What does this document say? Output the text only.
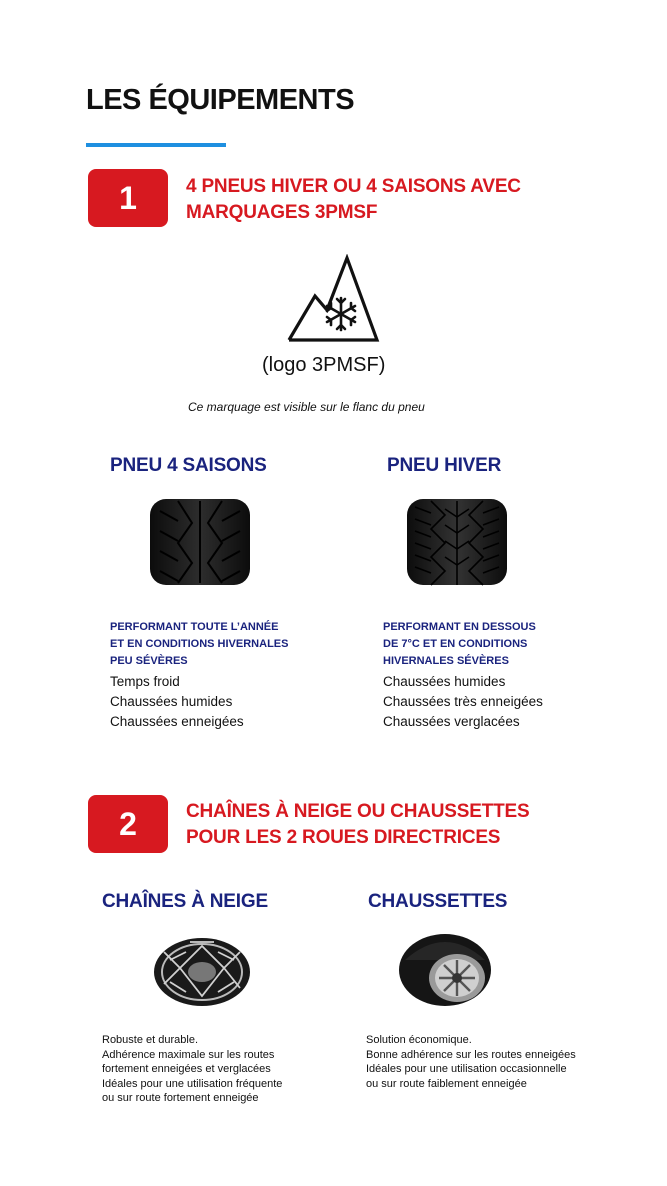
LES ÉQUIPEMENTS
1	4 PNEUS HIVER OU 4 SAISONS AVEC
MARQUAGES 3PMSF
(logo 3PMSF)
Ce marquage est visible sur le flanc du pneu
PNEU 4 SAISONS
PERFORMANT TOUTE L’ANNÉE
ET EN CONDITIONS HIVERNALES
PEU SÉVÈRES
Temps froid
Chaussées humides
Chaussées enneigées
PNEU HIVER
PERFORMANT EN DESSOUS
DE 7°C ET EN CONDITIONS
HIVERNALES SÉVÈRES
Chaussées humides
Chaussées très enneigées
Chaussées verglacées
2	CHAÎNES À NEIGE OU CHAUSSETTES
POUR LES 2 ROUES DIRECTRICES
CHAÎNES À NEIGE
Robuste et durable.
Adhérence maximale sur les routes
fortement enneigées et verglacées
Idéales pour une utilisation fréquente
ou sur route fortement enneigée
CHAUSSETTES
Solution économique.
Bonne adhérence sur les routes enneigées
Idéales pour une utilisation occasionnelle
ou sur route faiblement enneigée
